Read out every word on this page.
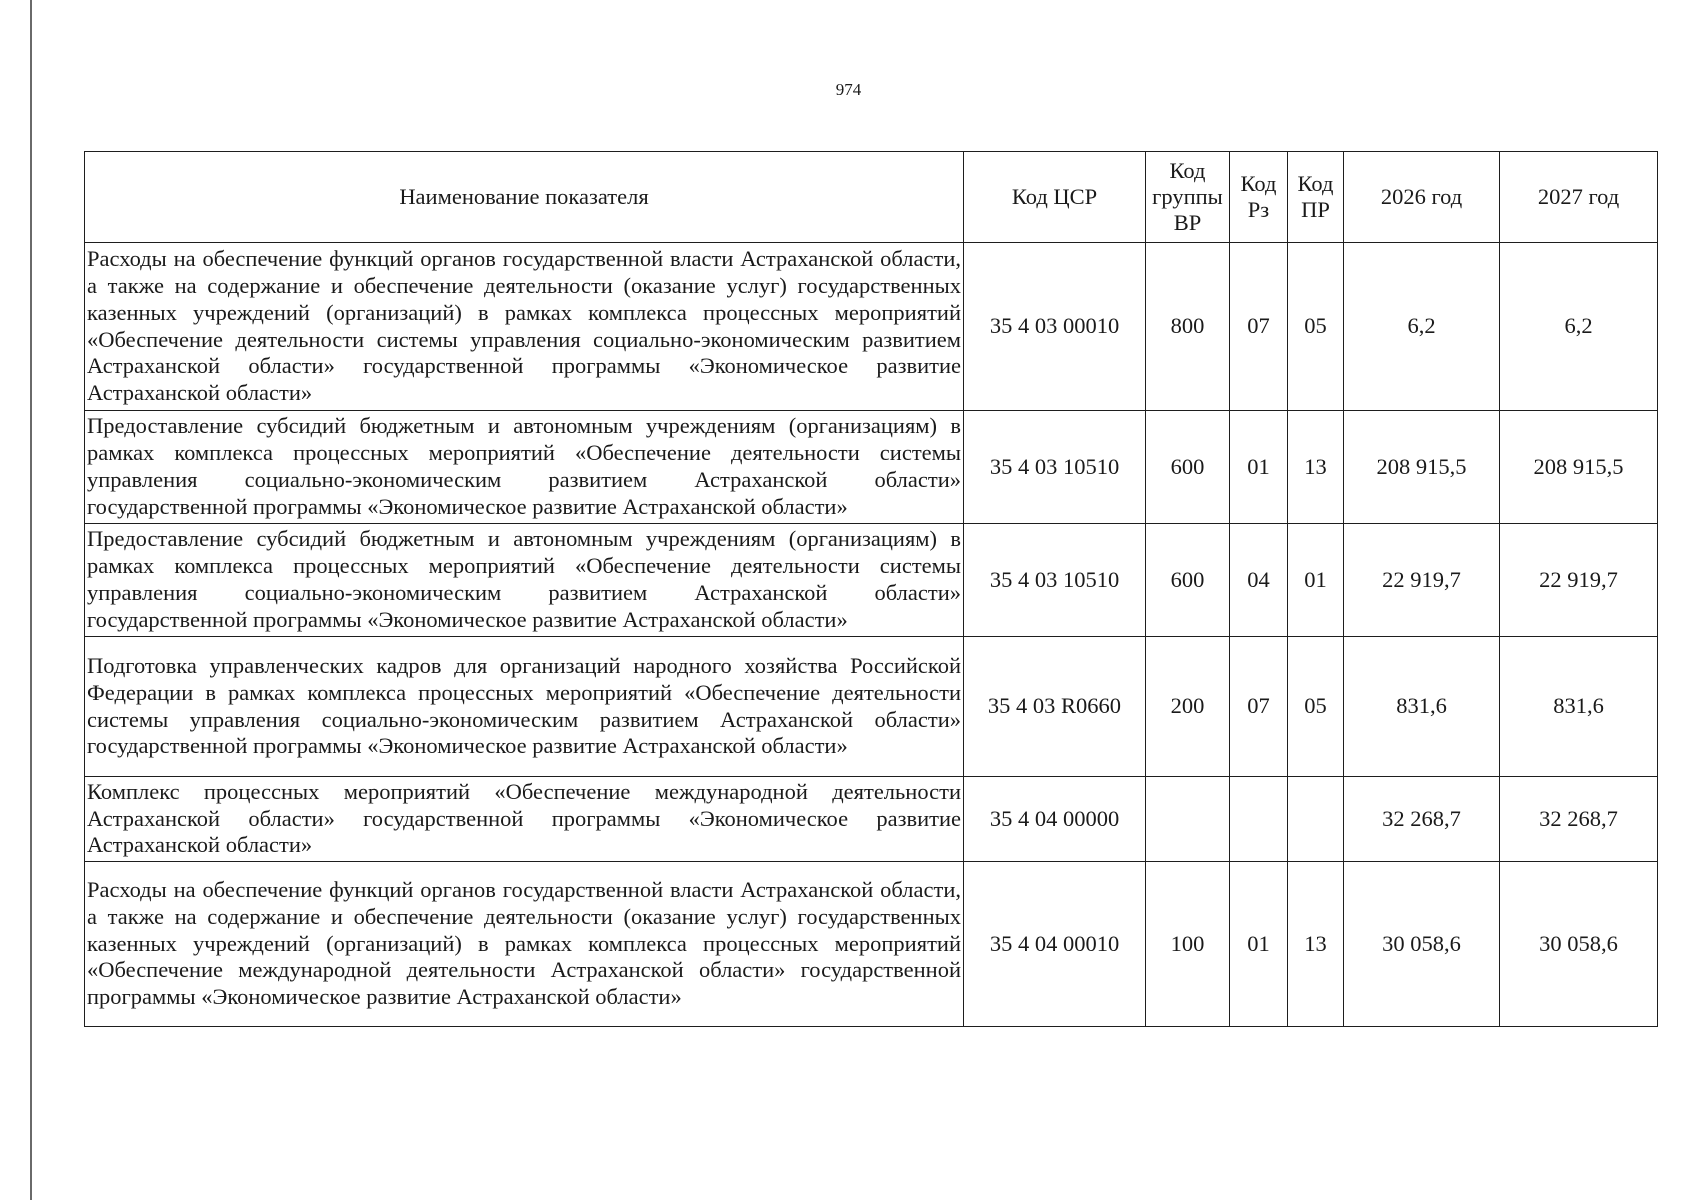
974
Наименование показателя	Код ЦСР	Код группы ВР	Код Рз	Код ПР	2026 год	2027 год
Расходы на обеспечение функций органов государственной власти Астраханской области, а также на содержание и обеспечение деятельности (оказание услуг) государственных казенных учреждений (организаций) в рамках комплекса процессных мероприятий «Обеспечение деятельности системы управления социально-экономическим развитием Астраханской области» государственной программы «Экономическое развитие Астраханской области»	35 4 03 00010	800	07	05	6,2	6,2
Предоставление субсидий бюджетным и автономным учреждениям (организациям) в рамках комплекса процессных мероприятий «Обеспечение деятельности системы управления социально-экономическим развитием Астраханской области» государственной программы «Экономическое развитие Астраханской области»	35 4 03 10510	600	01	13	208 915,5	208 915,5
Предоставление субсидий бюджетным и автономным учреждениям (организациям) в рамках комплекса процессных мероприятий «Обеспечение деятельности системы управления социально-экономическим развитием Астраханской области» государственной программы «Экономическое развитие Астраханской области»	35 4 03 10510	600	04	01	22 919,7	22 919,7
Подготовка управленческих кадров для организаций народного хозяйства Российской Федерации в рамках комплекса процессных мероприятий «Обеспечение деятельности системы управления социально-экономическим развитием Астраханской области» государственной программы «Экономическое развитие Астраханской области»	35 4 03 R0660	200	07	05	831,6	831,6
Комплекс процессных мероприятий «Обеспечение международной деятельности Астраханской области» государственной программы «Экономическое развитие Астраханской области»	35 4 04 00000				32 268,7	32 268,7
Расходы на обеспечение функций органов государственной власти Астраханской области, а также на содержание и обеспечение деятельности (оказание услуг) государственных казенных учреждений (организаций) в рамках комплекса процессных мероприятий «Обеспечение международной деятельности Астраханской области» государственной программы «Экономическое развитие Астраханской области»	35 4 04 00010	100	01	13	30 058,6	30 058,6
